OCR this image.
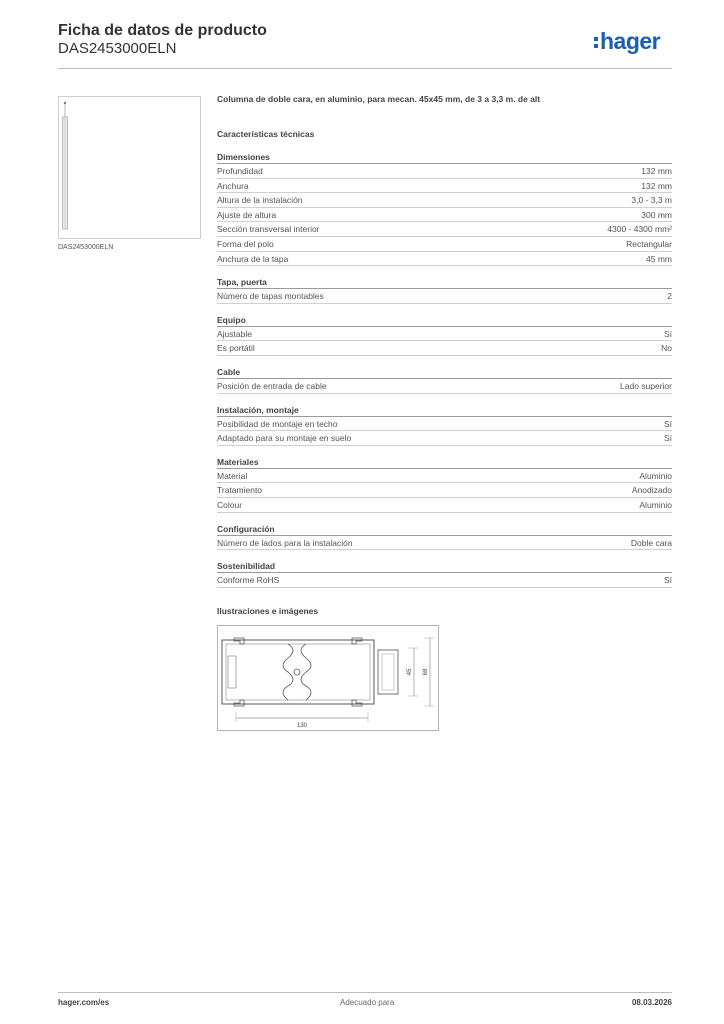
Ficha de datos de producto
DAS2453000ELN	hager
DAS2453000ELN
Columna de doble cara, en aluminio, para mecan. 45x45 mm, de 3 a 3,3 m. de alt
Características técnicas
Dimensiones
Profundidad	132 mm
Anchura	132 mm
Altura de la instalación	3,0 - 3,3 m
Ajuste de altura	300 mm
Sección transversal interior	4300 - 4300 mm²
Forma del polo	Rectangular
Anchura de la tapa	45 mm
Tapa, puerta
Número de tapas montables	2
Equipo
Ajustable	Sí
Es portátil	No
Cable
Posición de entrada de cable	Lado superior
Instalación, montaje
Posibilidad de montaje en techo	Sí
Adaptado para su montaje en suelo	Sí
Materiales
Material	Aluminio
Tratamiento	Anodizado
Colour	Aluminio
Configuración
Número de lados para la instalación	Doble cara
Sostenibilidad
Conforme RoHS	Sí
Ilustraciones e imágenes
130
45 68
hager.com/es	Adecuado para	08.03.2026
